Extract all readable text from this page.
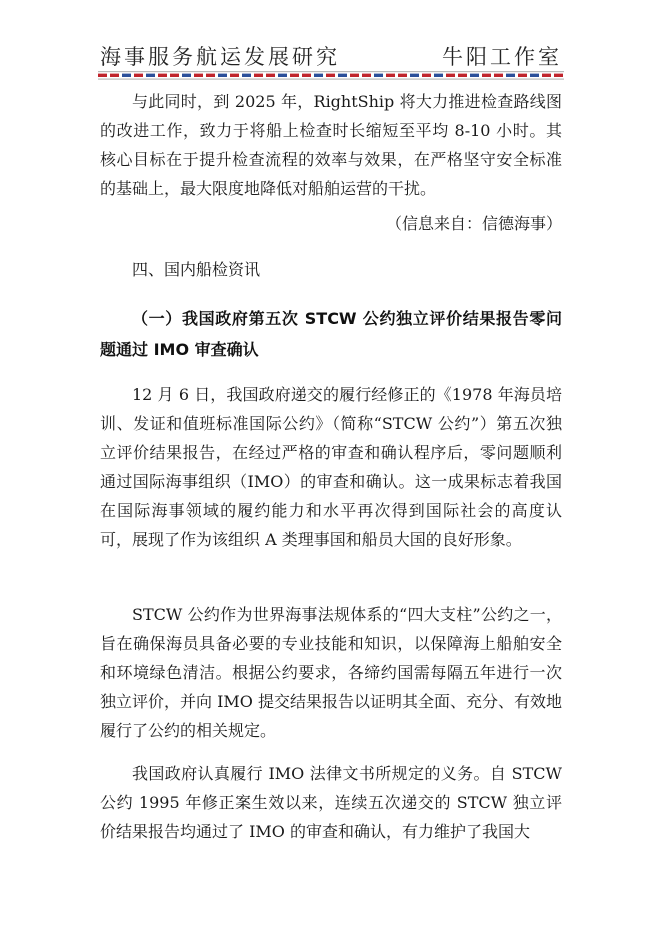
海事服务航运发展研究	牛阳工作室
与此同时，到 2025 年，RightShip 将大力推进检查路线图的改进工作，致力于将船上检查时长缩短至平均 8-10 小时。其核心目标在于提升检查流程的效率与效果，在严格坚守安全标准的基础上，最大限度地降低对船舶运营的干扰。
（信息来自：信德海事）
四、国内船检资讯
（一）我国政府第五次 STCW 公约独立评价结果报告零问题通过 IMO 审查确认
12 月 6 日，我国政府递交的履行经修正的《1978 年海员培训、发证和值班标准国际公约》（简称“STCW 公约”）第五次独立评价结果报告，在经过严格的审查和确认程序后，零问题顺利通过国际海事组织（IMO）的审查和确认。这一成果标志着我国在国际海事领域的履约能力和水平再次得到国际社会的高度认可，展现了作为该组织 A 类理事国和船员大国的良好形象。
STCW 公约作为世界海事法规体系的“四大支柱”公约之一，旨在确保海员具备必要的专业技能和知识，以保障海上船舶安全和环境绿色清洁。根据公约要求，各缔约国需每隔五年进行一次独立评价，并向 IMO 提交结果报告以证明其全面、充分、有效地履行了公约的相关规定。
我国政府认真履行 IMO 法律文书所规定的义务。自 STCW 公约 1995 年修正案生效以来，连续五次递交的 STCW 独立评价结果报告均通过了 IMO 的审查和确认，有力维护了我国大
